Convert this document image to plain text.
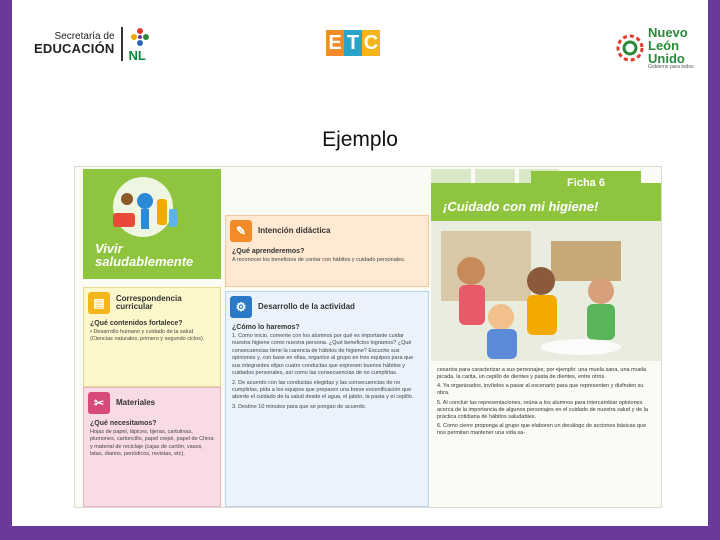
Secretaría de
EDUCACIÓN NL
E T C	Nuevo
León
Unido
Gobierno para todos
Ejemplo
Vivir
saludablemente
▤	Correspondencia curricular
¿Qué contenidos fortalece?
• Desarrollo humano y cuidado de la salud (Ciencias naturales, primero y segundo ciclos).
✂	Materiales
¿Qué necesitamos?
Hojas de papel, lápices, tijeras, cartulinas, plumones, cartoncillo, papel crepé, papel de China y material de reciclaje (cajas de cartón, vasos, latas, diarios, periódicos, revistas, etc).
✎	Intención didáctica
¿Qué aprenderemos?
A reconocer los beneficios de contar con hábitos y cuidado personales.
⚙	Desarrollo de la actividad
¿Cómo lo haremos?
1. Como inicio, comente con los alumnos por qué es importante cuidar nuestra higiene como nuestra persona. ¿Qué beneficios logramos? ¿Qué consecuencias tiene la carencia de hábitos de higiene? Escuche sus opiniones y, con base en ellas, organice al grupo en tres equipos para que sus integrantes elijan cuatro conductas que expresen buenos hábitos y cuidados personales, así como las consecuencias de no cumplirlas.
2. De acuerdo con las conductas elegidas y las consecuencias de no cumplirlas, pida a los equipos que preparen una breve escenificación que aborde el cuidado de la salud desde el agua, el jabón, la pasta y el cepillo.
3. Destine 10 minutos para que se pongan de acuerdo.
Ficha 6
¡Cuidado con mi higiene!
cesarios para caracterizar a sus personajes; por ejemplo: una muela sana, una muela picada, la carita, un cepillo de dientes y pasta de dientes, entre otros.
4. Ya organizados, invítelos a pasar al escenario para que representen y disfruten su obra.
5. Al concluir las representaciones, reúna a los alumnos para intercambiar opiniones acerca de la importancia de algunos personajes en el cuidado de nuestra salud y de la práctica cotidiana de hábitos saludables.
6. Como cierre proponga al grupo que elaboren un decálogo de acciones básicas que nos permitan mantener una vida sa-
